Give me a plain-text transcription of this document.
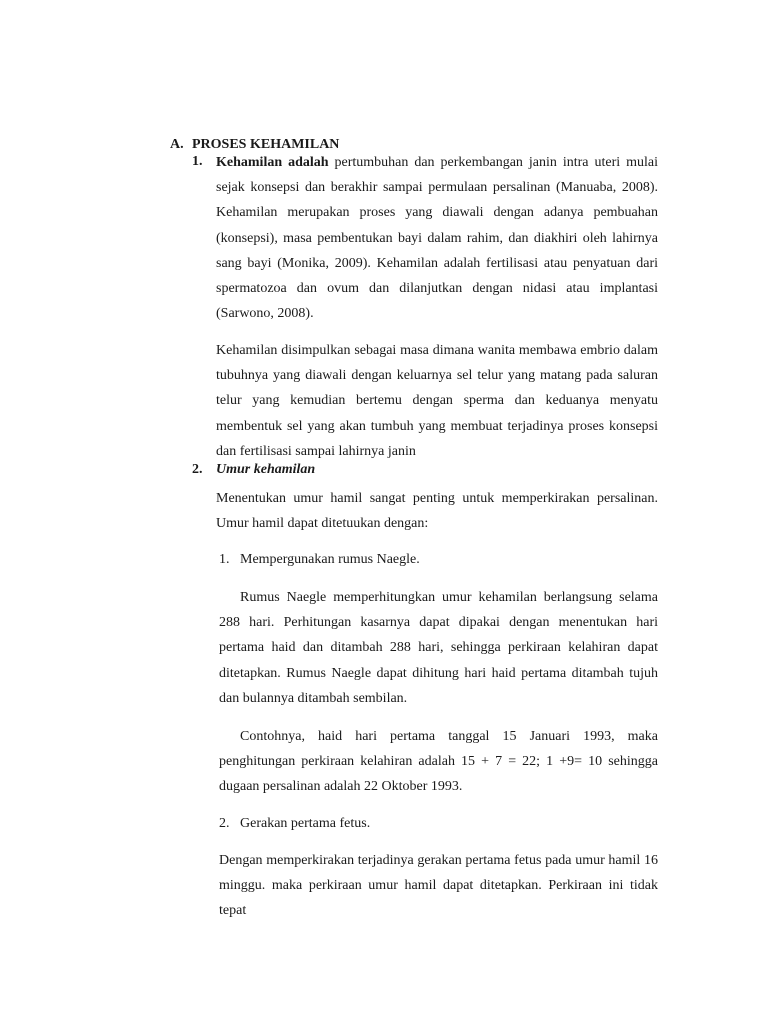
A. PROSES KEHAMILAN
1. Kehamilan adalah pertumbuhan dan perkembangan janin intra uteri mulai sejak konsepsi dan berakhir sampai permulaan persalinan (Manuaba, 2008). Kehamilan merupakan proses yang diawali dengan adanya pembuahan (konsepsi), masa pembentukan bayi dalam rahim, dan diakhiri oleh lahirnya sang bayi (Monika, 2009). Kehamilan adalah fertilisasi atau penyatuan dari spermatozoa dan ovum dan dilanjutkan dengan nidasi atau implantasi (Sarwono, 2008).

Kehamilan disimpulkan sebagai masa dimana wanita membawa embrio dalam tubuhnya yang diawali dengan keluarnya sel telur yang matang pada saluran telur yang kemudian bertemu dengan sperma dan keduanya menyatu membentuk sel yang akan tumbuh yang membuat terjadinya proses konsepsi dan fertilisasi sampai lahirnya janin

2. Umur kehamilan

Menentukan umur hamil sangat penting untuk memperkirakan persalinan. Umur hamil dapat ditetuukan dengan:

1. Mempergunakan rumus Naegle.

Rumus Naegle memperhitungkan umur kehamilan berlangsung selama 288 hari. Perhitungan kasarnya dapat dipakai dengan menentukan hari pertama haid dan ditambah 288 hari, sehingga perkiraan kelahiran dapat ditetapkan. Rumus Naegle dapat dihitung hari haid pertama ditambah tujuh dan bulannya ditambah sembilan.

Contohnya, haid hari pertama tanggal 15 Januari 1993, maka penghitungan perkiraan kelahiran adalah 15 + 7 = 22; 1 +9= 10 sehingga dugaan persalinan adalah 22 Oktober 1993.

2. Gerakan pertama fetus.

Dengan memperkirakan terjadinya gerakan pertama fetus pada umur hamil 16 minggu. maka perkiraan umur hamil dapat ditetapkan. Perkiraan ini tidak tepat
